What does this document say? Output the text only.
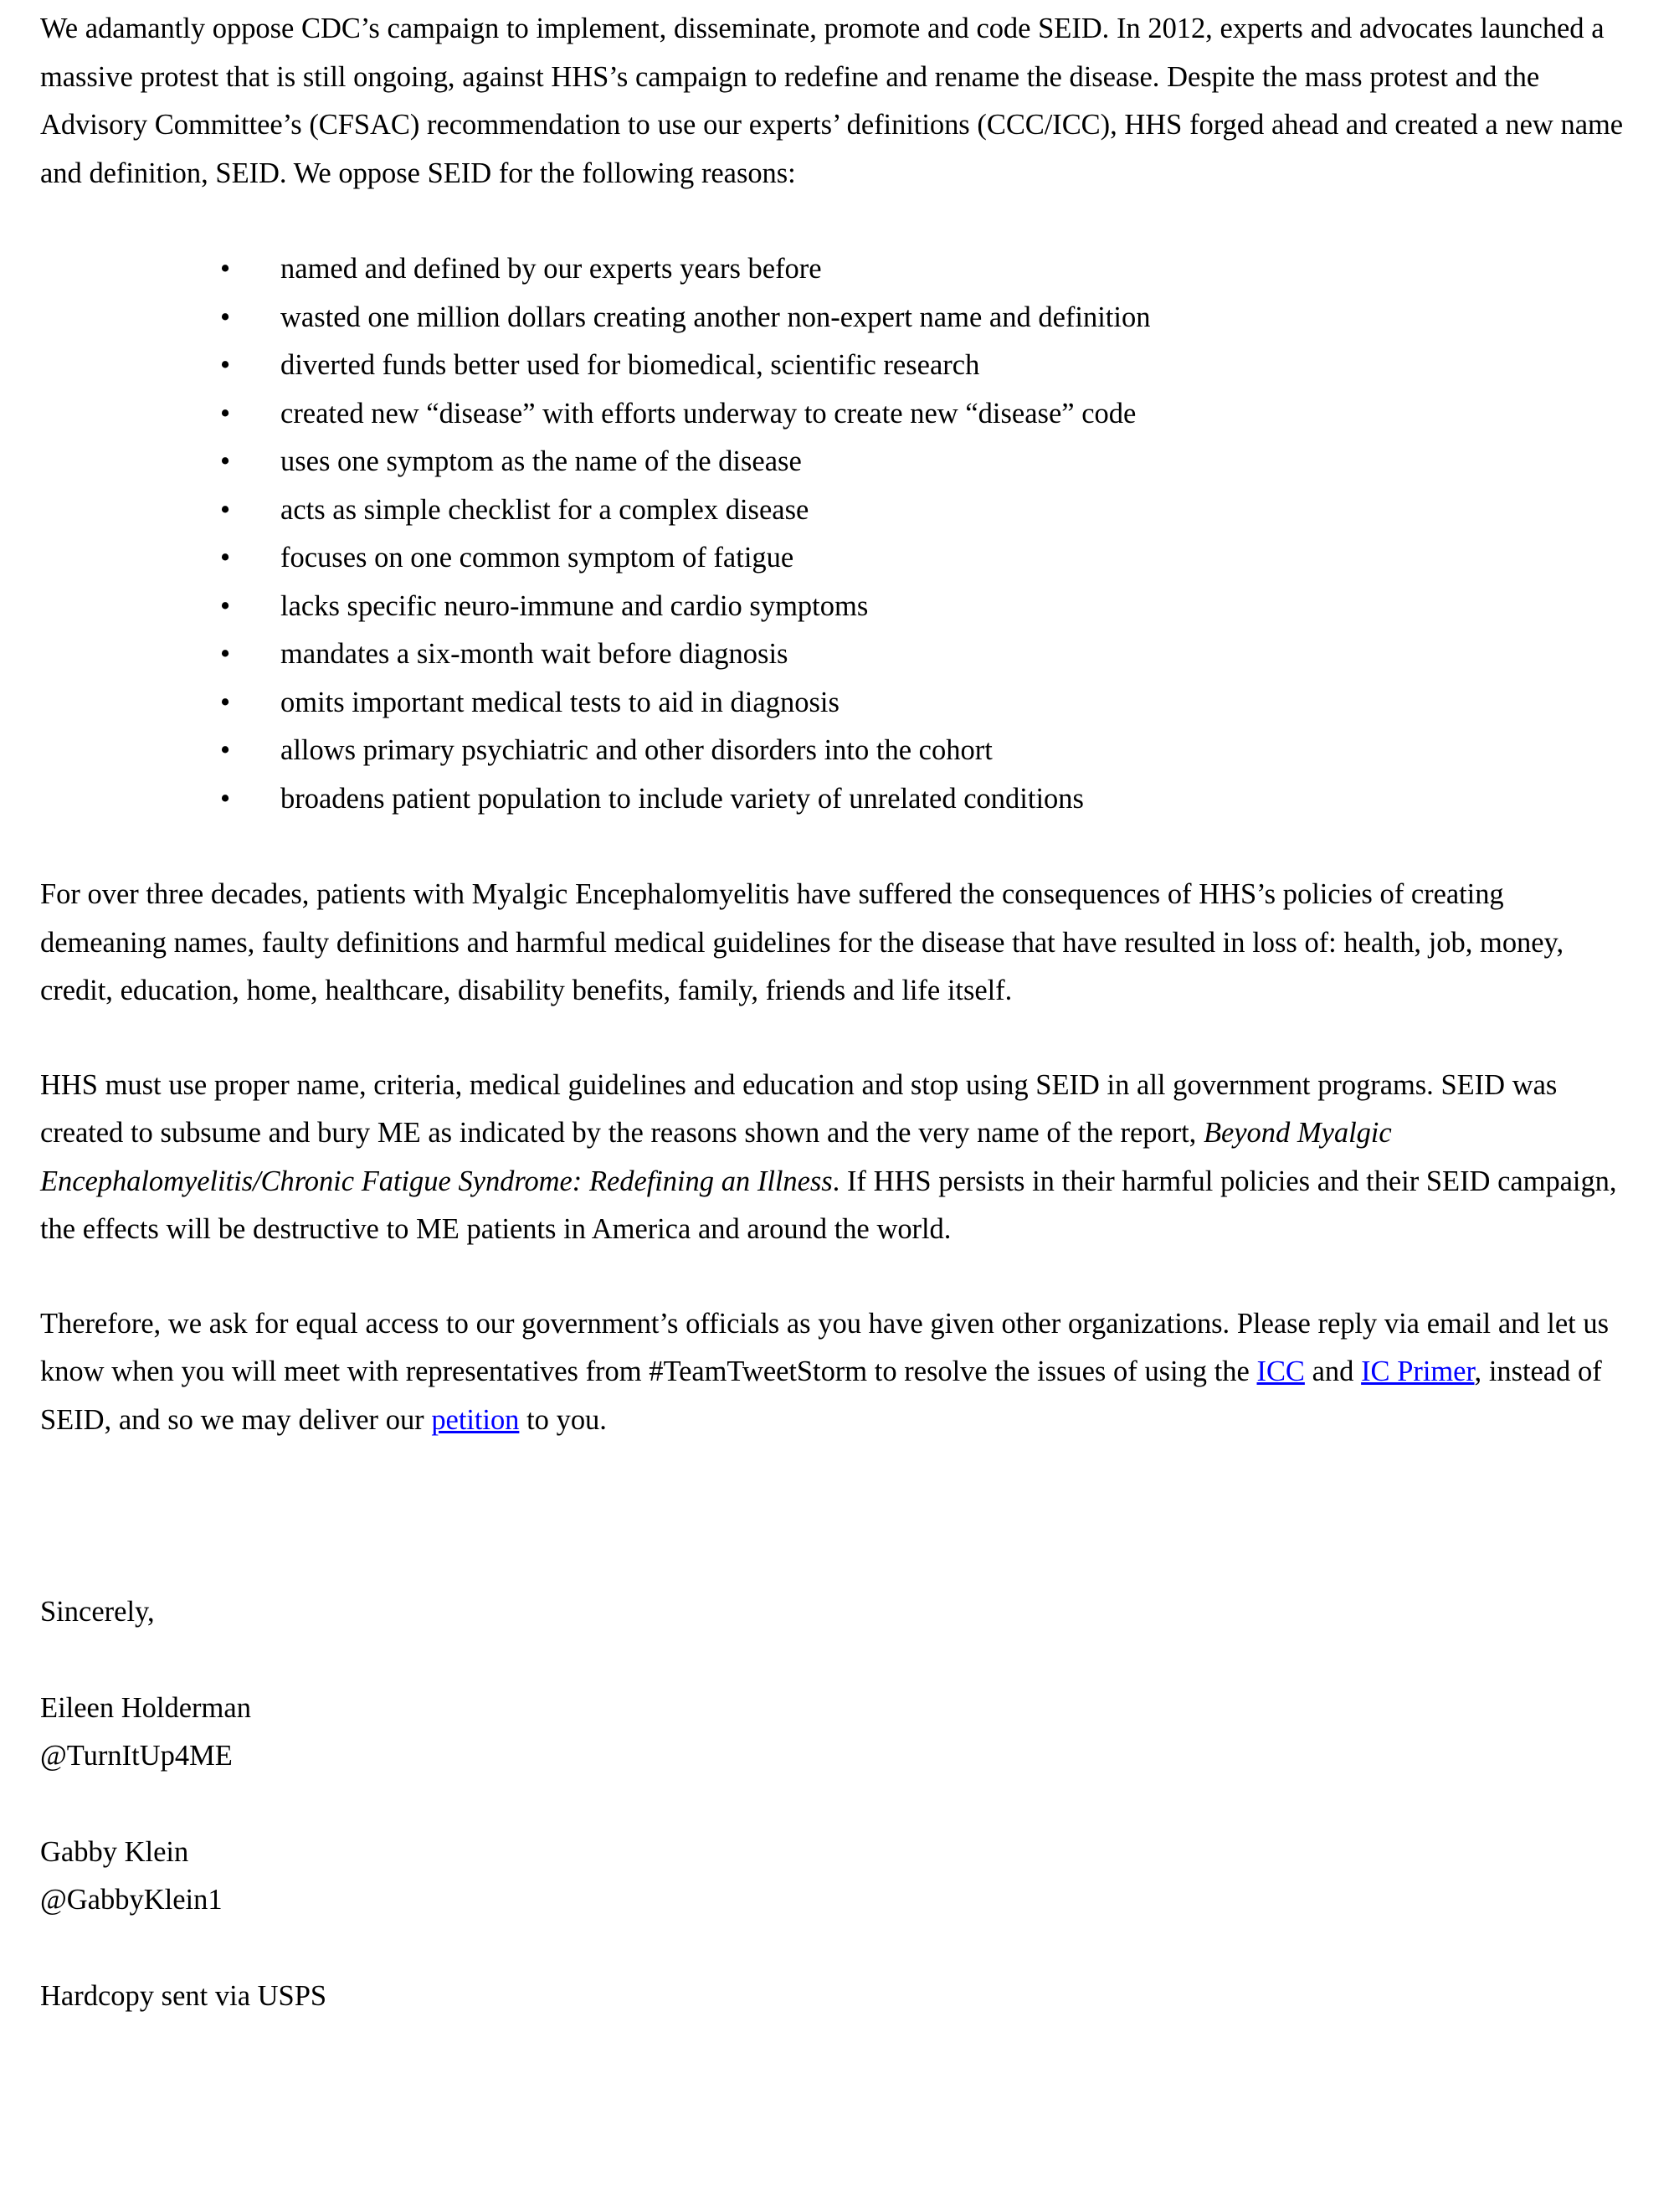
We adamantly oppose CDC’s campaign to implement, disseminate, promote and code SEID. In 2012, experts and advocates launched a massive protest that is still ongoing, against HHS’s campaign to redefine and rename the disease. Despite the mass protest and the Advisory Committee’s (CFSAC) recommendation to use our experts’ definitions (CCC/ICC), HHS forged ahead and created a new name and definition, SEID. We oppose SEID for the following reasons:

• named and defined by our experts years before
• wasted one million dollars creating another non-expert name and definition
• diverted funds better used for biomedical, scientific research
• created new “disease” with efforts underway to create new “disease” code
• uses one symptom as the name of the disease
• acts as simple checklist for a complex disease
• focuses on one common symptom of fatigue
• lacks specific neuro-immune and cardio symptoms
• mandates a six-month wait before diagnosis
• omits important medical tests to aid in diagnosis
• allows primary psychiatric and other disorders into the cohort
• broadens patient population to include variety of unrelated conditions

For over three decades, patients with Myalgic Encephalomyelitis have suffered the consequences of HHS’s policies of creating demeaning names, faulty definitions and harmful medical guidelines for the disease that have resulted in loss of: health, job, money, credit, education, home, healthcare, disability benefits, family, friends and life itself.

HHS must use proper name, criteria, medical guidelines and education and stop using SEID in all government programs. SEID was created to subsume and bury ME as indicated by the reasons shown and the very name of the report, Beyond Myalgic Encephalomyelitis/Chronic Fatigue Syndrome: Redefining an Illness. If HHS persists in their harmful policies and their SEID campaign, the effects will be destructive to ME patients in America and around the world.

Therefore, we ask for equal access to our government’s officials as you have given other organizations. Please reply via email and let us know when you will meet with representatives from #TeamTweetStorm to resolve the issues of using the ICC and IC Primer, instead of SEID, and so we may deliver our petition to you.

Sincerely,

Eileen Holderman

@TurnItUp4ME

Gabby Klein

@GabbyKlein1

Hardcopy sent via USPS
